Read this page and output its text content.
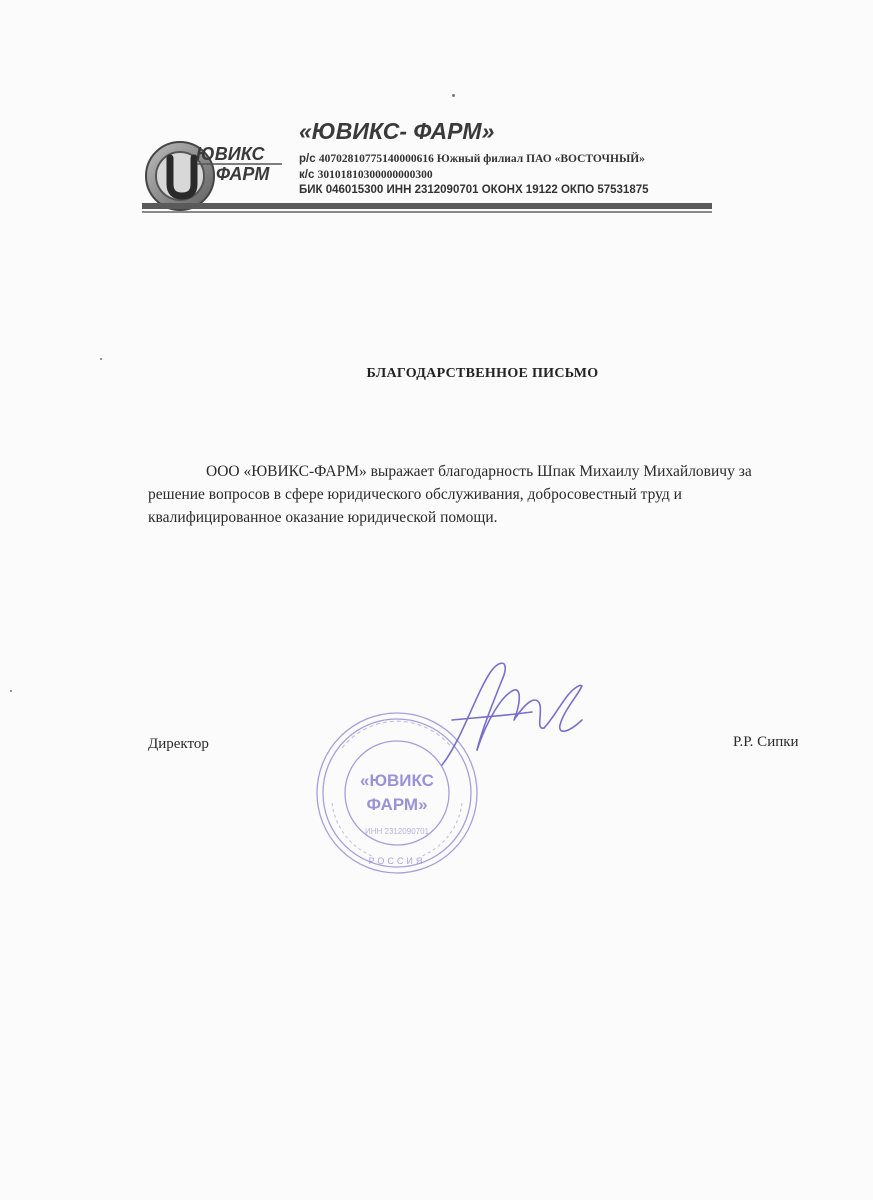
ЮВИКС
ФАРМ
«ЮВИКС- ФАРМ»
р/с 40702810775140000616 Южный филиал ПАО «ВОСТОЧНЫЙ»
к/с 30101810300000000300
БИК 046015300 ИНН 2312090701 ОКОНХ 19122 ОКПО 57531875
БЛАГОДАРСТВЕННОЕ ПИСЬМО
ООО «ЮВИКС-ФАРМ» выражает благодарность Шпак Михаилу Михайловичу за
решение вопросов в сфере юридического обслуживания, добросовестный труд и
квалифицированное оказание юридической помощи.
Директор	Р.Р. Сипки
«ЮВИКС
ФАРМ»
ИНН 2312090701
РОССИЯ
